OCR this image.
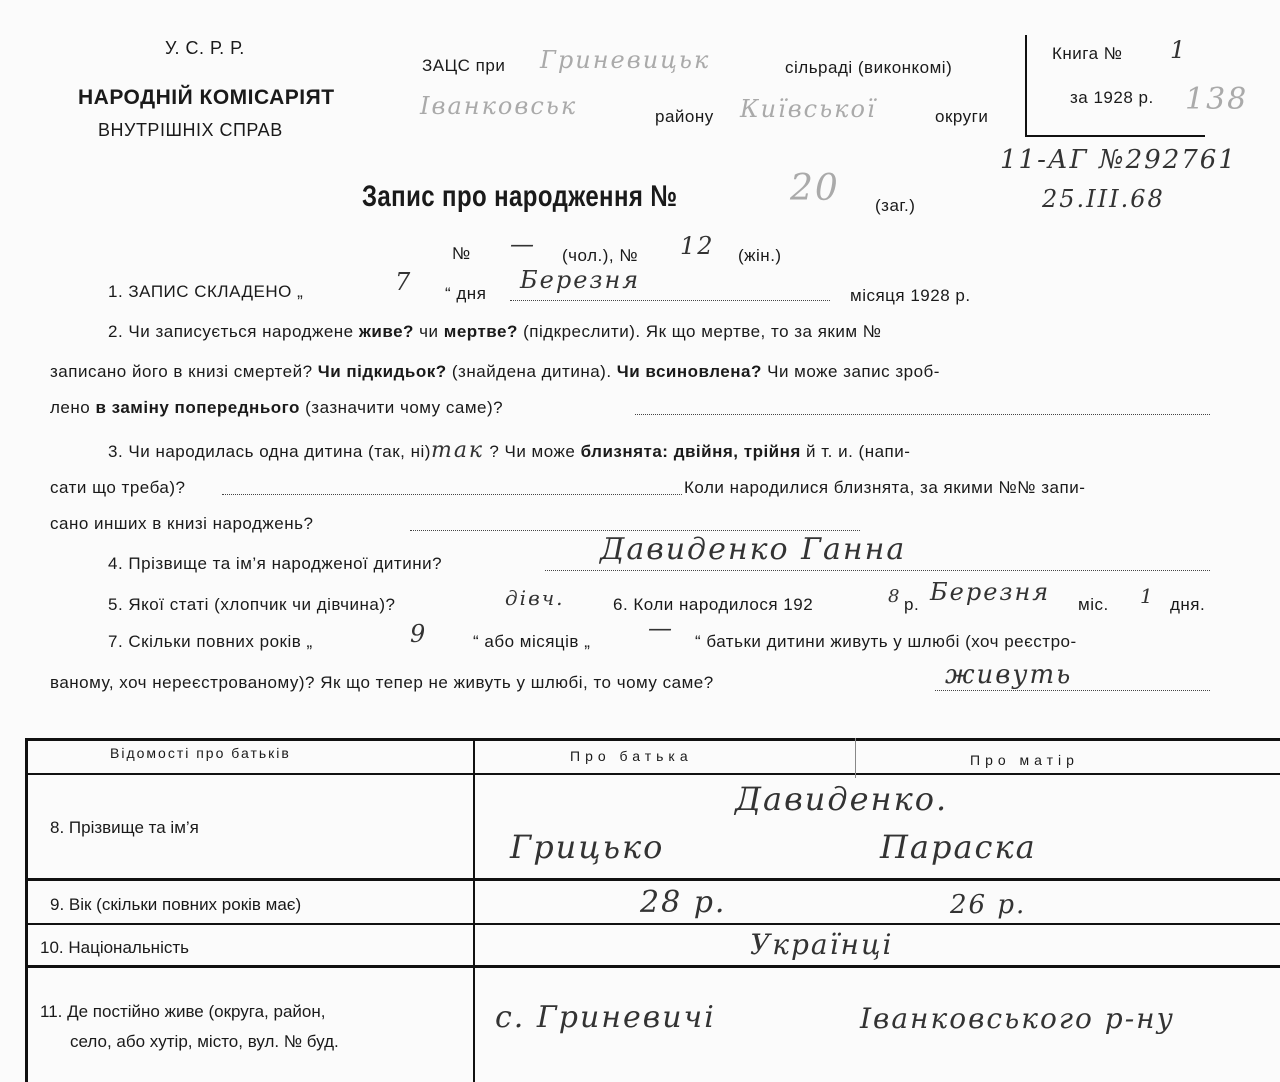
У. С. Р. Р.
НАРОДНІЙ КОМІСАРІЯТ
ВНУТРІШНІХ СПРАВ
ЗАЦС при Гриневицьк	сільраді (виконкомі)
Іванковськ	району Київської	округи
Книга № 1
за 1928 р. 138
11-АГ №292761
25.III.68
Запис про народження №	20 (заг.)
№ — (чол.), № 12 (жін.)
1. ЗАПИС СКЛАДЕНО „	7 “ дня Березня
місяця 1928 р.
2. Чи записується народжене живе? чи мертве? (підкреслити). Як що мертве, то за яким №
записано його в книзі смертей? Чи підкидьок? (знайдена дитина). Чи всиновлена? Чи може запис зроб-
лено в заміну попереднього (зазначити чому саме)?
3. Чи народилась одна дитина (так, ні)так ? Чи може близнята: двійня, трійня й т. и. (напи-
сати що треба)?	Коли народилися близнята, за якими №№ запи-
сано инших в книзі народжень?
4. Прізвище та ім’я народженої дитини?	Давиденко Ганна
5. Якої статі (хлопчик чи дівчина)?	дівч.	6. Коли народилося 192	8 р. Березня міс. 1 дня.
7. Скільки повних років „	9	“ або місяців „ — “ батьки дитини живуть у шлюбі (хоч реєстро-
ваному, хоч нереєстрованому)? Як що тепер не живуть у шлюбі, то чому саме?	живуть
Відомості про батьків	Про батька	Про матір
8. Прізвище та ім’я
Давиденко.
Грицько	Параска
9. Вік (скільки повних років має)	28 р.	26 р.
10. Національність	Українці
11. Де постійно живе (округа, район,
село, або хутір, місто, вул. № буд.
с. Гриневичі	Іванковського р-ну
